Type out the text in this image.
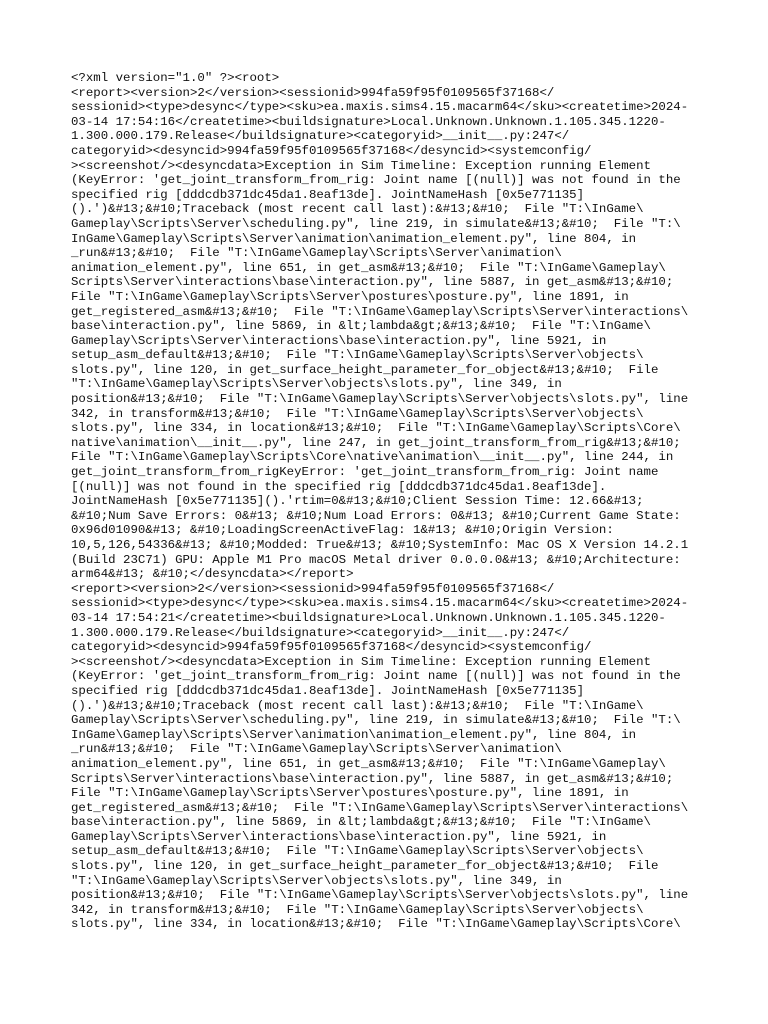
<?xml version="1.0" ?><root>
<report><version>2</version><sessionid>994fa59f95f0109565f37168</
sessionid><type>desync</type><sku>ea.maxis.sims4.15.macarm64</sku><createtime>2024-
03-14 17:54:16</createtime><buildsignature>Local.Unknown.Unknown.1.105.345.1220-
1.300.000.179.Release</buildsignature><categoryid>__init__.py:247</
categoryid><desyncid>994fa59f95f0109565f37168</desyncid><systemconfig/
><screenshot/><desyncdata>Exception in Sim Timeline: Exception running Element
(KeyError: 'get_joint_transform_from_rig: Joint name [(null)] was not found in the
specified rig [dddcdb371dc45da1.8eaf13de]. JointNameHash [0x5e771135]
().')&#13;&#10;Traceback (most recent call last):&#13;&#10;  File "T:\InGame\
Gameplay\Scripts\Server\scheduling.py", line 219, in simulate&#13;&#10;  File "T:\
InGame\Gameplay\Scripts\Server\animation\animation_element.py", line 804, in
_run&#13;&#10;  File "T:\InGame\Gameplay\Scripts\Server\animation\
animation_element.py", line 651, in get_asm&#13;&#10;  File "T:\InGame\Gameplay\
Scripts\Server\interactions\base\interaction.py", line 5887, in get_asm&#13;&#10;
File "T:\InGame\Gameplay\Scripts\Server\postures\posture.py", line 1891, in
get_registered_asm&#13;&#10;  File "T:\InGame\Gameplay\Scripts\Server\interactions\
base\interaction.py", line 5869, in &lt;lambda&gt;&#13;&#10;  File "T:\InGame\
Gameplay\Scripts\Server\interactions\base\interaction.py", line 5921, in
setup_asm_default&#13;&#10;  File "T:\InGame\Gameplay\Scripts\Server\objects\
slots.py", line 120, in get_surface_height_parameter_for_object&#13;&#10;  File
"T:\InGame\Gameplay\Scripts\Server\objects\slots.py", line 349, in
position&#13;&#10;  File "T:\InGame\Gameplay\Scripts\Server\objects\slots.py", line
342, in transform&#13;&#10;  File "T:\InGame\Gameplay\Scripts\Server\objects\
slots.py", line 334, in location&#13;&#10;  File "T:\InGame\Gameplay\Scripts\Core\
native\animation\__init__.py", line 247, in get_joint_transform_from_rig&#13;&#10;
File "T:\InGame\Gameplay\Scripts\Core\native\animation\__init__.py", line 244, in
get_joint_transform_from_rigKeyError: 'get_joint_transform_from_rig: Joint name
[(null)] was not found in the specified rig [dddcdb371dc45da1.8eaf13de].
JointNameHash [0x5e771135]().'rtim=0&#13;&#10;Client Session Time: 12.66&#13;
&#10;Num Save Errors: 0&#13; &#10;Num Load Errors: 0&#13; &#10;Current Game State:
0x96d01090&#13; &#10;LoadingScreenActiveFlag: 1&#13; &#10;Origin Version:
10,5,126,54336&#13; &#10;Modded: True&#13; &#10;SystemInfo: Mac OS X Version 14.2.1
(Build 23C71) GPU: Apple M1 Pro macOS Metal driver 0.0.0.0&#13; &#10;Architecture:
arm64&#13; &#10;</desyncdata></report>
<report><version>2</version><sessionid>994fa59f95f0109565f37168</
sessionid><type>desync</type><sku>ea.maxis.sims4.15.macarm64</sku><createtime>2024-
03-14 17:54:21</createtime><buildsignature>Local.Unknown.Unknown.1.105.345.1220-
1.300.000.179.Release</buildsignature><categoryid>__init__.py:247</
categoryid><desyncid>994fa59f95f0109565f37168</desyncid><systemconfig/
><screenshot/><desyncdata>Exception in Sim Timeline: Exception running Element
(KeyError: 'get_joint_transform_from_rig: Joint name [(null)] was not found in the
specified rig [dddcdb371dc45da1.8eaf13de]. JointNameHash [0x5e771135]
().')&#13;&#10;Traceback (most recent call last):&#13;&#10;  File "T:\InGame\
Gameplay\Scripts\Server\scheduling.py", line 219, in simulate&#13;&#10;  File "T:\
InGame\Gameplay\Scripts\Server\animation\animation_element.py", line 804, in
_run&#13;&#10;  File "T:\InGame\Gameplay\Scripts\Server\animation\
animation_element.py", line 651, in get_asm&#13;&#10;  File "T:\InGame\Gameplay\
Scripts\Server\interactions\base\interaction.py", line 5887, in get_asm&#13;&#10;
File "T:\InGame\Gameplay\Scripts\Server\postures\posture.py", line 1891, in
get_registered_asm&#13;&#10;  File "T:\InGame\Gameplay\Scripts\Server\interactions\
base\interaction.py", line 5869, in &lt;lambda&gt;&#13;&#10;  File "T:\InGame\
Gameplay\Scripts\Server\interactions\base\interaction.py", line 5921, in
setup_asm_default&#13;&#10;  File "T:\InGame\Gameplay\Scripts\Server\objects\
slots.py", line 120, in get_surface_height_parameter_for_object&#13;&#10;  File
"T:\InGame\Gameplay\Scripts\Server\objects\slots.py", line 349, in
position&#13;&#10;  File "T:\InGame\Gameplay\Scripts\Server\objects\slots.py", line
342, in transform&#13;&#10;  File "T:\InGame\Gameplay\Scripts\Server\objects\
slots.py", line 334, in location&#13;&#10;  File "T:\InGame\Gameplay\Scripts\Core\
